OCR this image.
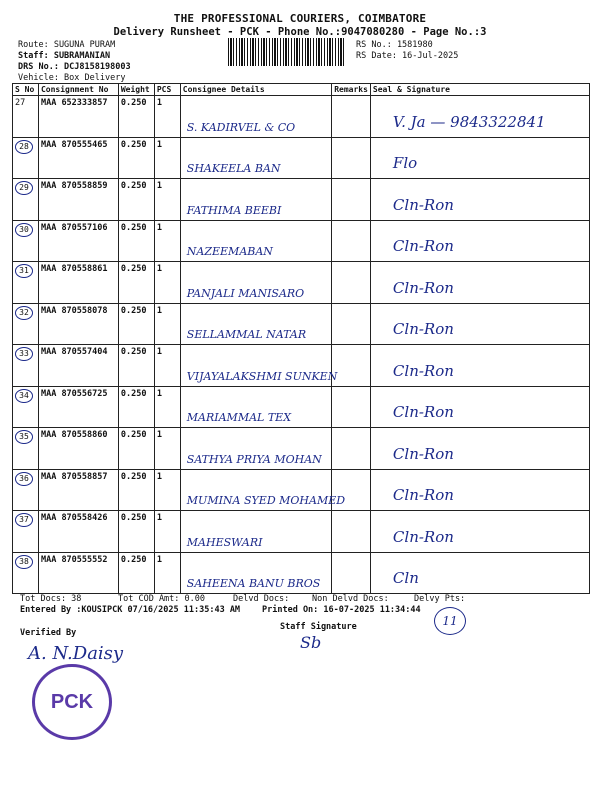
THE PROFESSIONAL COURIERS, COIMBATORE
Delivery Runsheet - PCK - Phone No.:9047080280 - Page No.:3
Route: SUGUNA PURAM
Staff: SUBRAMANIAN
DRS No.: DCJ8158198003
Vehicle: Box Delivery
RS No.: 1581980
RS Date: 16-Jul-2025
S No	Consignment No	Weight	PCS	Consignee Details	Remarks	Seal & Signature
27	MAA 652333857	0.250	1	S. KADIRVEL & CO		V. Ja — 9843322841

28	MAA 870555465	0.250	1	SHAKEELA BAN		Flo

29	MAA 870558859	0.250	1	FATHIMA BEEBI		Cln-Ron

30	MAA 870557106	0.250	1	NAZEEMABAN		Cln-Ron

31	MAA 870558861	0.250	1	PANJALI MANISARO		Cln-Ron

32	MAA 870558078	0.250	1	SELLAMMAL NATAR		Cln-Ron

33	MAA 870557404	0.250	1	VIJAYALAKSHMI SUNKEN		Cln-Ron

34	MAA 870556725	0.250	1	MARIAMMAL TEX		Cln-Ron

35	MAA 870558860	0.250	1	SATHYA PRIYA MOHAN		Cln-Ron

36	MAA 870558857	0.250	1	MUMINA SYED MOHAMED		Cln-Ron

37	MAA 870558426	0.250	1	MAHESWARI		Cln-Ron

38	MAA 870555552	0.250	1	SAHEENA BANU BROS		Cln
Tot Docs: 38	Tot COD Amt: 0.00	Delvd Docs:	Non Delvd Docs:	Delvy Pts:
Entered By :KOUSIPCK 07/16/2025 11:35:43 AM	Printed On: 16-07-2025 11:34:44
11
Verified By
Staff Signature
Sb
A. N.Daisy
PCK
